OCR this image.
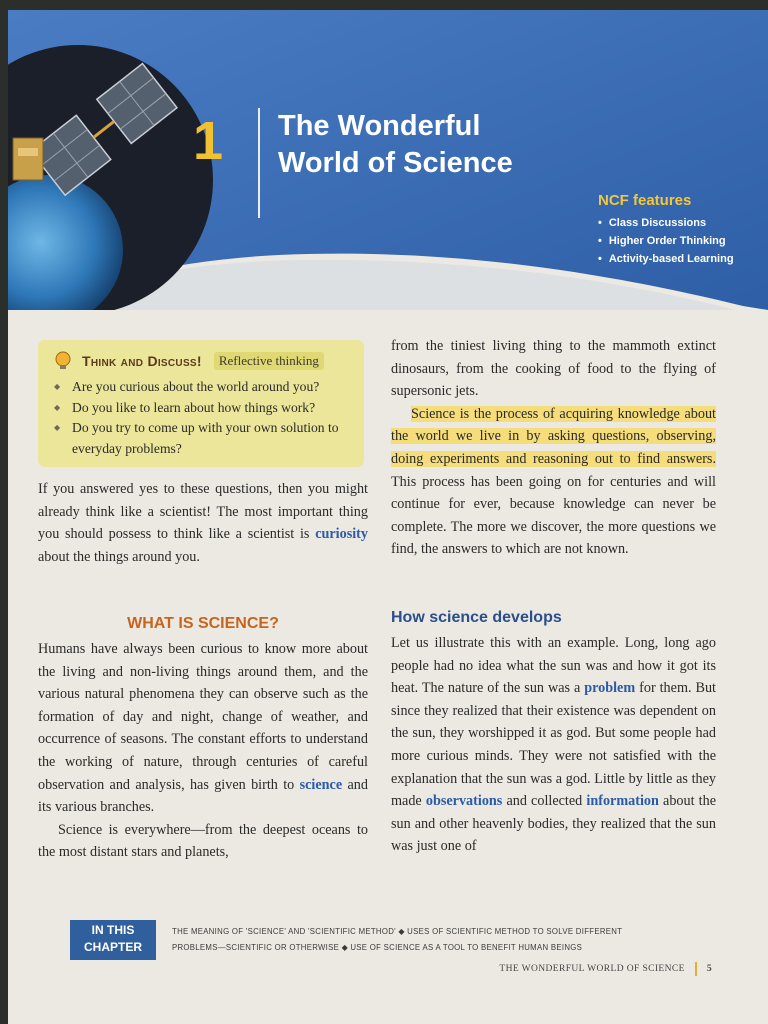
1 The Wonderful
World of Science
NCF features
• Class Discussions
• Higher Order Thinking
• Activity-based Learning
Think and Discuss!	Reflective thinking
◆ Are you curious about the world around you?
◆ Do you like to learn about how things work?
◆ Do you try to come up with your own solution to everyday problems?

If you answered yes to these questions, then you might already think like a scientist! The most important thing you should possess to think like a scientist is curiosity about the things around you.

WHAT IS SCIENCE?

Humans have always been curious to know more about the living and non-living things around them, and the various natural phenomena they can observe such as the formation of day and night, change of weather, and occurrence of seasons. The constant efforts to understand the working of nature, through centuries of careful observation and analysis, has given birth to science and its various branches.

Science is everywhere—from the deepest oceans to the most distant stars and planets,

from the tiniest living thing to the mammoth extinct dinosaurs, from the cooking of food to the flying of supersonic jets.

Science is the process of acquiring knowledge about the world we live in by asking questions, observing, doing experiments and reasoning out to find answers. This process has been going on for centuries and will continue for ever, because knowledge can never be complete. The more we discover, the more questions we find, the answers to which are not known.

How science develops

Let us illustrate this with an example. Long, long ago people had no idea what the sun was and how it got its heat. The nature of the sun was a problem for them. But since they realized that their existence was dependent on the sun, they worshipped it as god. But some people had more curious minds. They were not satisfied with the explanation that the sun was a god. Little by little as they made observations and collected information about the sun and other heavenly bodies, they realized that the sun was just one of

IN THIS
CHAPTER
THE MEANING OF 'SCIENCE' AND 'SCIENTIFIC METHOD' ◆ USES OF SCIENTIFIC METHOD TO SOLVE DIFFERENT
PROBLEMS—SCIENTIFIC OR OTHERWISE ◆ USE OF SCIENCE AS A TOOL TO BENEFIT HUMAN BEINGS
THE WONDERFUL WORLD OF SCIENCE 5
